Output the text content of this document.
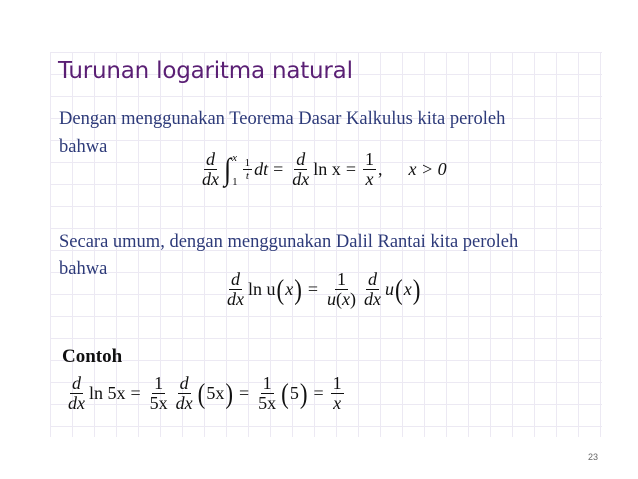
Turunan logaritma natural
Dengan menggunakan Teorema Dasar Kalkulus kita peroleh
bahwa
$\frac{d}{dx}$ ∫ x
$1 \frac{1}{t}$ dt = $\frac{d}{dx}$ $\ln x = \frac{1}{x}$ , x > 0
Secara umum, dengan menggunakan Dalil Rantai kita peroleh
bahwa
$\frac{d}{dx}$ ln u ( x ) = $\frac{1}{u(x)} \frac{d}{dx}$ u ( x )
Contoh
$\frac{d}{dx}$ $\ln 5x = \frac{1}{5x} \frac{d}{dx}$ ( 5x ) = $\frac{1}{5x}$ ( 5 ) = $\frac{1}{x}$
23
